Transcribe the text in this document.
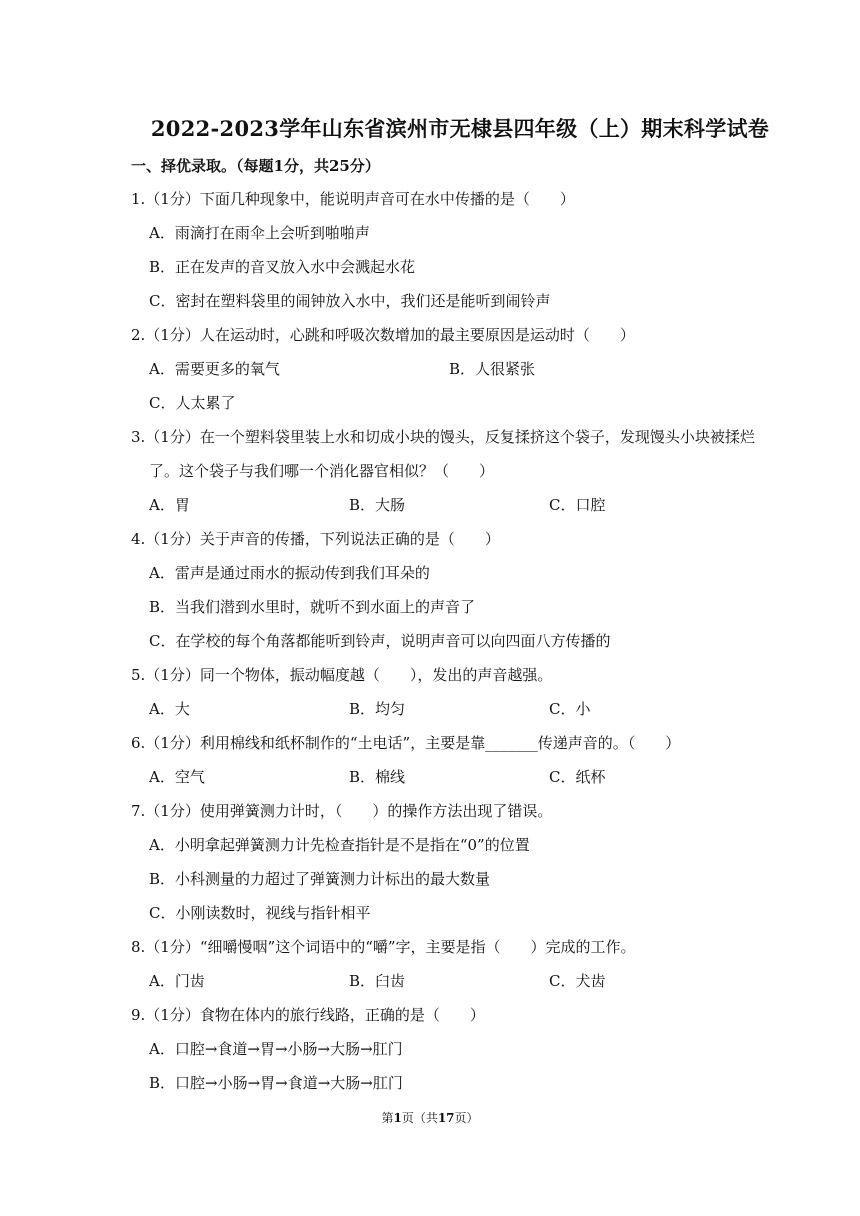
2022-2023学年山东省滨州市无棣县四年级（上）期末科学试卷
一、择优录取。（每题1分，共25分）
1.（1分）下面几种现象中，能说明声音可在水中传播的是（　　）
A．雨滴打在雨伞上会听到啪啪声
B．正在发声的音叉放入水中会溅起水花
C．密封在塑料袋里的闹钟放入水中，我们还是能听到闹铃声
2.（1分）人在运动时，心跳和呼吸次数增加的最主要原因是运动时（　　）
A．需要更多的氧气	B．人很紧张
C．人太累了
3.（1分）在一个塑料袋里装上水和切成小块的馒头，反复揉挤这个袋子，发现馒头小块被揉烂了。这个袋子与我们哪一个消化器官相似？（　　）
A．胃	B．大肠	C．口腔
4.（1分）关于声音的传播，下列说法正确的是（　　）
A．雷声是通过雨水的振动传到我们耳朵的
B．当我们潜到水里时，就听不到水面上的声音了
C．在学校的每个角落都能听到铃声，说明声音可以向四面八方传播的
5.（1分）同一个物体，振动幅度越（　　），发出的声音越强。
A．大	B．均匀	C．小
6.（1分）利用棉线和纸杯制作的“土电话”，主要是靠_______传递声音的。（　　）
A．空气	B．棉线	C．纸杯
7.（1分）使用弹簧测力计时，（　　）的操作方法出现了错误。
A．小明拿起弹簧测力计先检查指针是不是指在“0”的位置
B．小科测量的力超过了弹簧测力计标出的最大数量
C．小刚读数时，视线与指针相平
8.（1分）“细嚼慢咽”这个词语中的“嚼”字，主要是指（　　）完成的工作。
A．门齿	B．臼齿	C．犬齿
9.（1分）食物在体内的旅行线路，正确的是（　　）
A．口腔→食道→胃→小肠→大肠→肛门
B．口腔→小肠→胃→食道→大肠→肛门
第1页（共17页）
